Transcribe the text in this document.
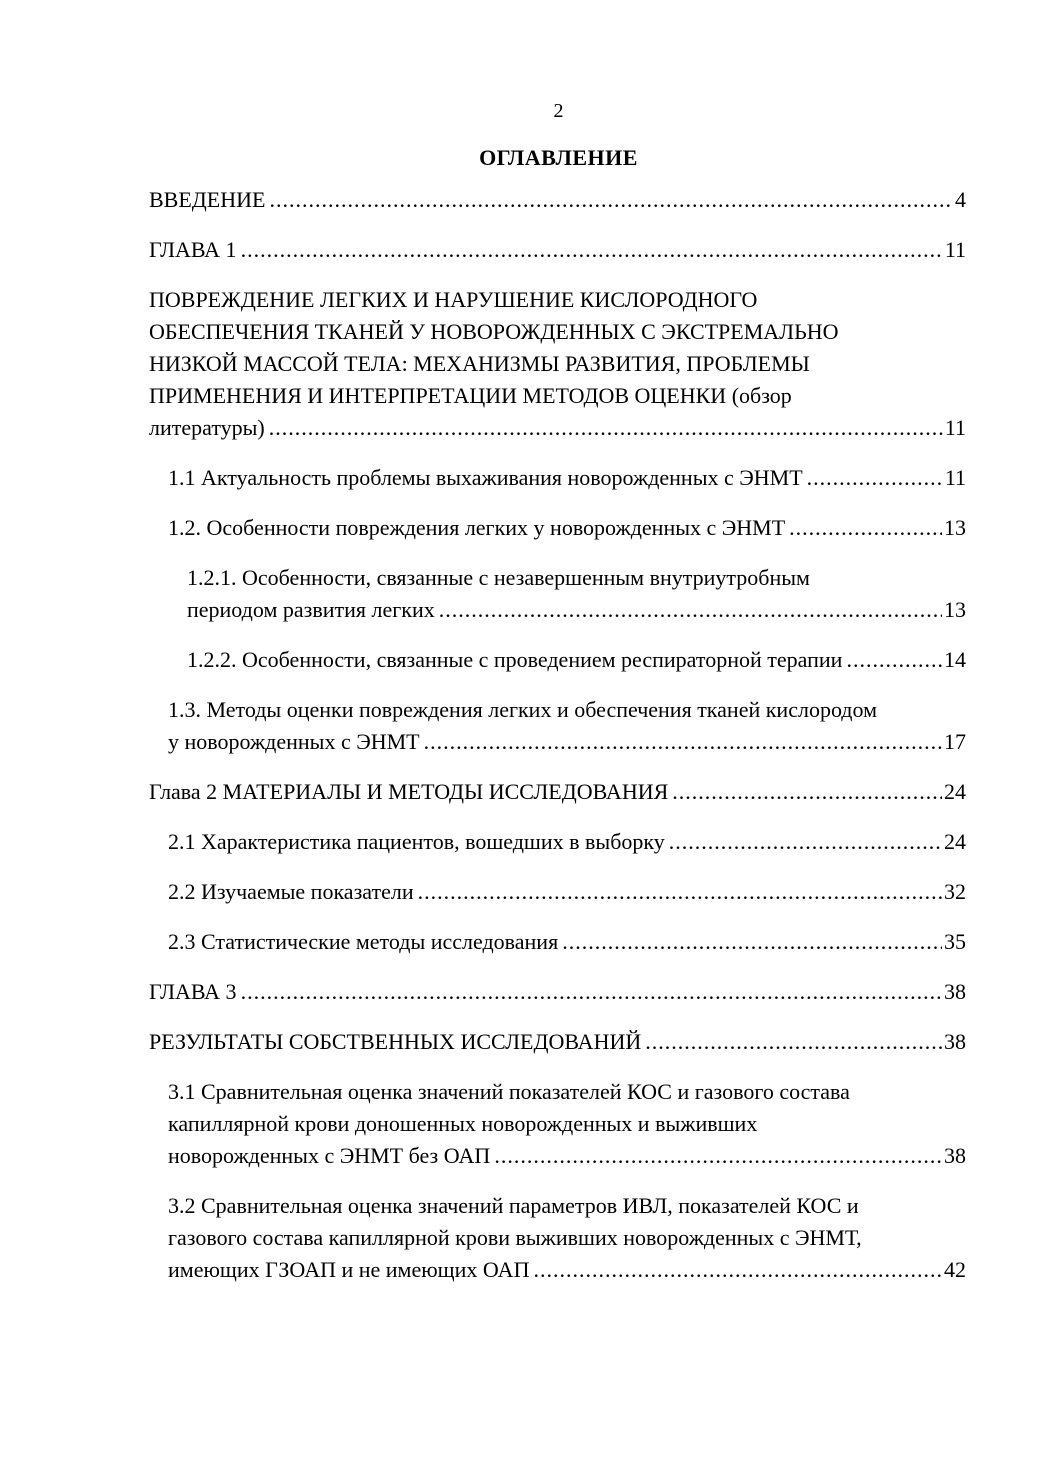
2
ОГЛАВЛЕНИЕ
ВВЕДЕНИЕ .....	4
ГЛАВА 1 .....	11
ПОВРЕЖДЕНИЕ ЛЕГКИХ И НАРУШЕНИЕ КИСЛОРОДНОГО
ОБЕСПЕЧЕНИЯ ТКАНЕЙ У НОВОРОЖДЕННЫХ С ЭКСТРЕМАЛЬНО
НИЗКОЙ МАССОЙ ТЕЛА: МЕХАНИЗМЫ РАЗВИТИЯ, ПРОБЛЕМЫ
ПРИМЕНЕНИЯ И ИНТЕРПРЕТАЦИИ МЕТОДОВ ОЦЕНКИ (обзор
литературы) .....	11
1.1 Актуальность проблемы выхаживания новорожденных с ЭНМТ .....	11
1.2. Особенности повреждения легких у новорожденных с ЭНМТ .....	13
1.2.1. Особенности, связанные с незавершенным внутриутробным
периодом развития легких .....	13
1.2.2. Особенности, связанные с проведением респираторной терапии .....	14
1.3. Методы оценки повреждения легких и обеспечения тканей кислородом
у новорожденных с ЭНМТ .....	17
Глава 2 МАТЕРИАЛЫ И МЕТОДЫ ИССЛЕДОВАНИЯ .....	24
2.1 Характеристика пациентов, вошедших в выборку .....	24
2.2 Изучаемые показатели .....	32
2.3 Статистические методы исследования .....	35
ГЛАВА 3 .....	38
РЕЗУЛЬТАТЫ СОБСТВЕННЫХ ИССЛЕДОВАНИЙ .....	38
3.1 Сравнительная оценка значений показателей КОС и газового состава
капиллярной крови доношенных новорожденных и выживших
новорожденных с ЭНМТ без ОАП .....	38
3.2 Сравнительная оценка значений параметров ИВЛ, показателей КОС и
газового состава капиллярной крови выживших новорожденных с ЭНМТ,
имеющих ГЗОАП и не имеющих ОАП .....	42
